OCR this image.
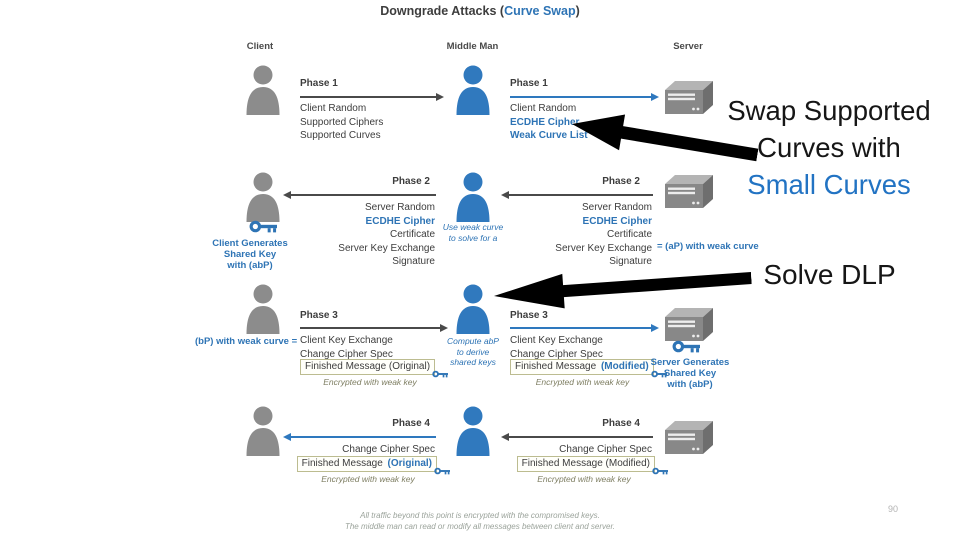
Downgrade Attacks (Curve Swap)
Client	Middle Man	Server
Phase 1
Client Random
Supported Ciphers
Supported Curves
Phase 1
Client Random
ECDHE Cipher
Weak Curve List
Phase 2
Server Random
ECDHE Cipher
Certificate
Server Key Exchange
Signature
= (aP) with weak curve
Phase 2
Server Random
ECDHE Cipher
Certificate
Server Key Exchange
Signature
Use weak curve
to solve for a
Client Generates
Shared Key
with (abP)
(bP) with weak curve =
Phase 3
Client Key Exchange
Change Cipher Spec
Finished Message (Original)
Encrypted with weak key
Phase 3
Client Key Exchange
Change Cipher Spec
Finished Message (Modified)
Encrypted with weak key
Compute abP
to derive
shared keys	Server Generates
Shared Key
with (abP)
Phase 4
Change Cipher Spec
Finished Message (Original)
Encrypted with weak key
Phase 4
Change Cipher Spec
Finished Message (Modified)
Encrypted with weak key
Swap Supported
Curves with
Small Curves
Solve DLP
All traffic beyond this point is encrypted with the compromised keys.
The middle man can read or modify all messages between client and server.
90
